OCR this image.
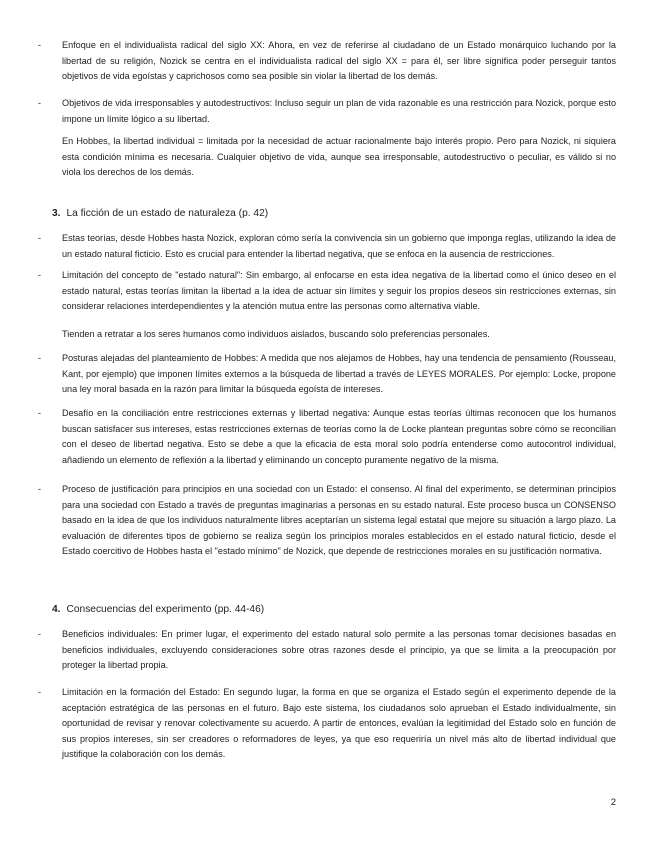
- Enfoque en el individualista radical del siglo XX: Ahora, en vez de referirse al ciudadano de un Estado monárquico luchando por la libertad de su religión, Nozick se centra en el individualista radical del siglo XX = para él, ser libre significa poder perseguir tantos objetivos de vida egoístas y caprichosos como sea posible sin violar la libertad de los demás.
- Objetivos de vida irresponsables y autodestructivos: Incluso seguir un plan de vida razonable es una restricción para Nozick, porque esto impone un límite lógico a su libertad.
En Hobbes, la libertad individual = limitada por la necesidad de actuar racionalmente bajo interés propio. Pero para Nozick, ni siquiera esta condición mínima es necesaria. Cualquier objetivo de vida, aunque sea irresponsable, autodestructivo o peculiar, es válido si no viola los derechos de los demás.
3. La ficción de un estado de naturaleza (p. 42)
- Estas teorías, desde Hobbes hasta Nozick, exploran cómo sería la convivencia sin un gobierno que imponga reglas, utilizando la idea de un estado natural ficticio. Esto es crucial para entender la libertad negativa, que se enfoca en la ausencia de restricciones.
- Limitación del concepto de "estado natural": Sin embargo, al enfocarse en esta idea negativa de la libertad como el único deseo en el estado natural, estas teorías limitan la libertad a la idea de actuar sin límites y seguir los propios deseos sin restricciones externas, sin considerar relaciones interdependientes y la atención mutua entre las personas como alternativa viable.
Tienden a retratar a los seres humanos como individuos aislados, buscando solo preferencias personales.
- Posturas alejadas del planteamiento de Hobbes: A medida que nos alejamos de Hobbes, hay una tendencia de pensamiento (Rousseau, Kant, por ejemplo) que imponen límites externos a la búsqueda de libertad a través de LEYES MORALES. Por ejemplo: Locke, propone una ley moral basada en la razón para limitar la búsqueda egoísta de intereses.
- Desafío en la conciliación entre restricciones externas y libertad negativa: Aunque estas teorías últimas reconocen que los humanos buscan satisfacer sus intereses, estas restricciones externas de teorías como la de Locke plantean preguntas sobre cómo se reconcilian con el deseo de libertad negativa. Esto se debe a que la eficacia de esta moral solo podría entenderse como autocontrol individual, añadiendo un elemento de reflexión a la libertad y eliminando un concepto puramente negativo de la misma.
- Proceso de justificación para principios en una sociedad con un Estado: el consenso. Al final del experimento, se determinan principios para una sociedad con Estado a través de preguntas imaginarias a personas en su estado natural. Este proceso busca un CONSENSO basado en la idea de que los individuos naturalmente libres aceptarían un sistema legal estatal que mejore su situación a largo plazo. La evaluación de diferentes tipos de gobierno se realiza según los principios morales establecidos en el estado natural ficticio, desde el Estado coercitivo de Hobbes hasta el "estado mínimo" de Nozick, que depende de restricciones morales en su justificación normativa.
4. Consecuencias del experimento (pp. 44-46)
- Beneficios individuales: En primer lugar, el experimento del estado natural solo permite a las personas tomar decisiones basadas en beneficios individuales, excluyendo consideraciones sobre otras razones desde el principio, ya que se limita a la preocupación por proteger la libertad propia.
- Limitación en la formación del Estado: En segundo lugar, la forma en que se organiza el Estado según el experimento depende de la aceptación estratégica de las personas en el futuro. Bajo este sistema, los ciudadanos solo aprueban el Estado individualmente, sin oportunidad de revisar y renovar colectivamente su acuerdo. A partir de entonces, evalúan la legitimidad del Estado solo en función de sus propios intereses, sin ser creadores o reformadores de leyes, ya que eso requeriría un nivel más alto de libertad individual que justifique la colaboración con los demás.
2
